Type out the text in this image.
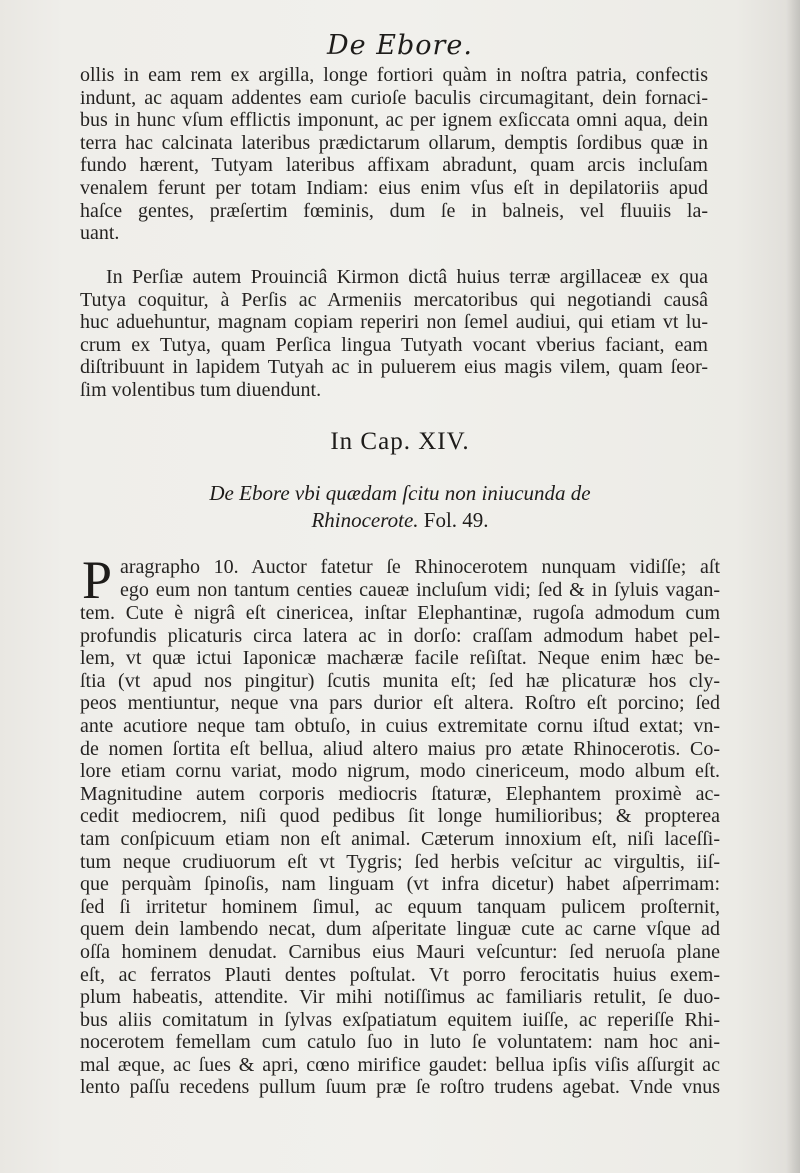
De Ebore.
ollis in eam rem ex argilla, longe fortiori quàm in noſtra patria, confectis
indunt, ac aquam addentes eam curioſe baculis circumagitant, dein fornaci-
bus in hunc vſum efflictis imponunt, ac per ignem exſiccata omni aqua, dein
terra hac calcinata lateribus prædictarum ollarum, demptis ſordibus quæ in
fundo hærent, Tutyam lateribus affixam abradunt, quam arcis incluſam
venalem ferunt per totam Indiam: eius enim vſus eſt in depilatoriis apud
haſce gentes, præſertim fœminis, dum ſe in balneis, vel fluuiis la-
uant.
In Perſiæ autem Prouinciâ Kirmon dictâ huius terræ argillaceæ ex qua
Tutya coquitur, à Perſis ac Armeniis mercatoribus qui negotiandi causâ
huc aduehuntur, magnam copiam reperiri non ſemel audiui, qui etiam vt lu-
crum ex Tutya, quam Perſica lingua Tutyath vocant vberius faciant, eam
diſtribuunt in lapidem Tutyah ac in puluerem eius magis vilem, quam ſeor-
ſim volentibus tum diuendunt.
In Cap. XIV.
De Ebore vbi quædam ſcitu non iniucunda de
Rhinocerote. Fol. 49.
P aragrapho 10. Auctor fatetur ſe Rhinocerotem nunquam vidiſſe; aſt
ego eum non tantum centies caueæ incluſum vidi; ſed & in ſyluis vagan-
tem. Cute è nigrâ eſt cinericea, inſtar Elephantinæ, rugoſa admodum cum
profundis plicaturis circa latera ac in dorſo: craſſam admodum habet pel-
lem, vt quæ ictui Iaponicæ machæræ facile reſiſtat. Neque enim hæc be-
ſtia (vt apud nos pingitur) ſcutis munita eſt; ſed hæ plicaturæ hos cly-
peos mentiuntur, neque vna pars durior eſt altera. Roſtro eſt porcino; ſed
ante acutiore neque tam obtuſo, in cuius extremitate cornu iſtud extat; vn-
de nomen ſortita eſt bellua, aliud altero maius pro ætate Rhinocerotis. Co-
lore etiam cornu variat, modo nigrum, modo cinericeum, modo album eſt.
Magnitudine autem corporis mediocris ſtaturæ, Elephantem proximè ac-
cedit mediocrem, niſi quod pedibus ſit longe humilioribus; & propterea
tam conſpicuum etiam non eſt animal. Cæterum innoxium eſt, niſi laceſſi-
tum neque crudiuorum eſt vt Tygris; ſed herbis veſcitur ac virgultis, iiſ-
que perquàm ſpinoſis, nam linguam (vt infra dicetur) habet aſperrimam:
ſed ſi irritetur hominem ſimul, ac equum tanquam pulicem proſternit,
quem dein lambendo necat, dum aſperitate linguæ cute ac carne vſque ad
oſſa hominem denudat. Carnibus eius Mauri veſcuntur: ſed neruoſa plane
eſt, ac ferratos Plauti dentes poſtulat. Vt porro ferocitatis huius exem-
plum habeatis, attendite. Vir mihi notiſſimus ac familiaris retulit, ſe duo-
bus aliis comitatum in ſylvas exſpatiatum equitem iuiſſe, ac reperiſſe Rhi-
nocerotem femellam cum catulo ſuo in luto ſe voluntatem: nam hoc ani-
mal æque, ac ſues & apri, cœno mirifice gaudet: bellua ipſis viſis aſſurgit ac
lento paſſu recedens pullum ſuum præ ſe roſtro trudens agebat. Vnde vnus
